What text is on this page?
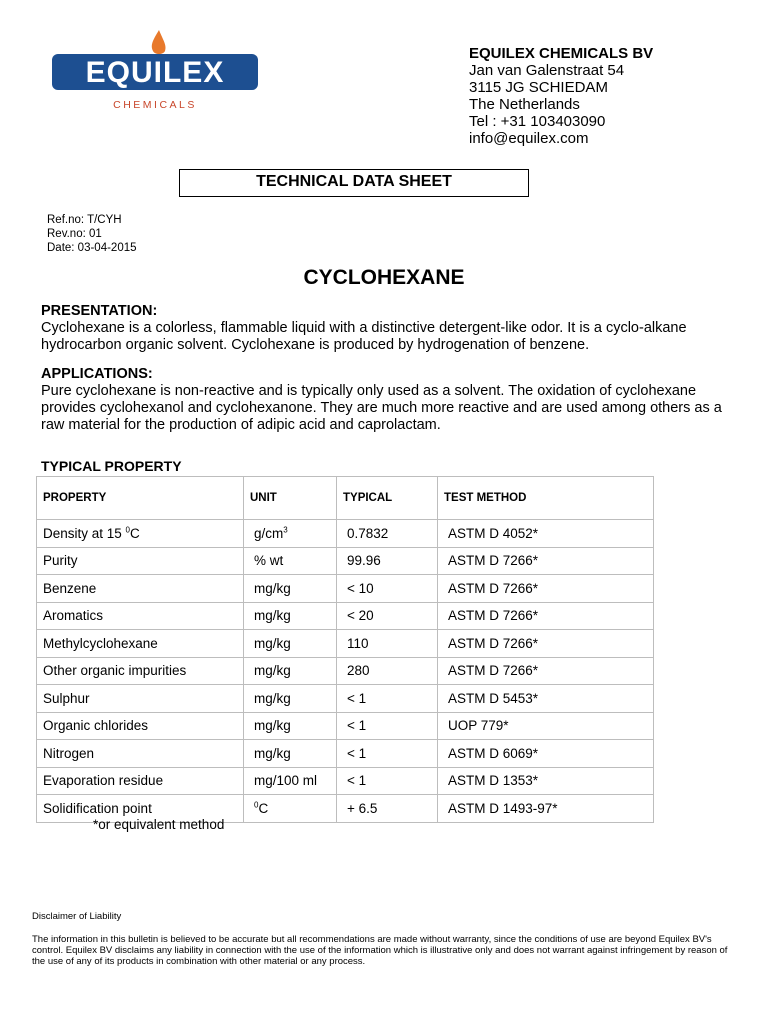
EQUILEX
CHEMICALS
EQUILEX CHEMICALS BV
Jan van Galenstraat 54
3115 JG SCHIEDAM
The Netherlands
Tel : +31 103403090
info@equilex.com
TECHNICAL DATA SHEET
Ref.no: T/CYH
Rev.no: 01
Date: 03-04-2015
CYCLOHEXANE
PRESENTATION:
Cyclohexane is a colorless, flammable liquid with a distinctive detergent-like odor. It is a cyclo-alkane hydrocarbon organic solvent. Cyclohexane is produced by hydrogenation of benzene.
APPLICATIONS:
Pure cyclohexane is non-reactive and is typically only used as a solvent. The oxidation of cyclohexane provides cyclohexanol and cyclohexanone. They are much more reactive and are used among others as a raw material for the production of adipic acid and caprolactam.
TYPICAL PROPERTY
PROPERTY	UNIT	TYPICAL	TEST METHOD
Density at 15 $^0$C	$g/cm^3$	0.7832	ASTM D 4052*
Purity	% wt	99.96	ASTM D 7266*
Benzene	mg/kg	< 10	ASTM D 7266*
Aromatics	mg/kg	< 20	ASTM D 7266*
Methylcyclohexane	mg/kg	110	ASTM D 7266*
Other organic impurities	mg/kg	280	ASTM D 7266*
Sulphur	mg/kg	< 1	ASTM D 5453*
Organic chlorides	mg/kg	< 1	UOP 779*
Nitrogen	mg/kg	< 1	ASTM D 6069*
Evaporation residue	mg/100 ml	< 1	ASTM D 1353*
Solidification point	$^0$C	+ 6.5	ASTM D 1493-97*
*or equivalent method
Disclaimer of Liability
The information in this bulletin is believed to be accurate but all recommendations are made without warranty, since the conditions of use are beyond Equilex BV's control. Equilex BV disclaims any liability in connection with the use of the information which is illustrative only and does not warrant against infringement by reason of the use of any of its products in combination with other material or any process.
